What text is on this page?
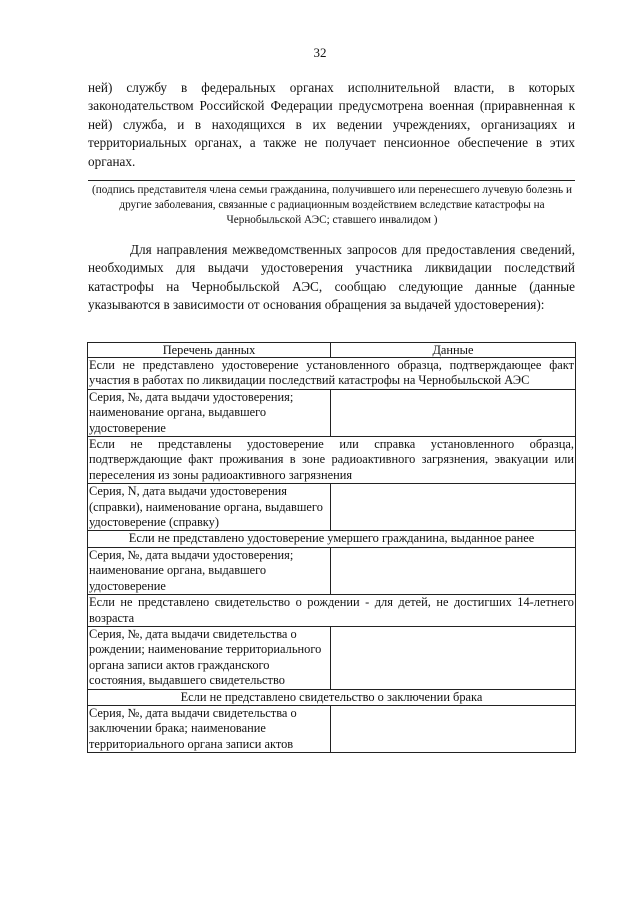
32

ней) службу в федеральных органах исполнительной власти, в которых законодательством Российской Федерации предусмотрена военная (приравненная к ней) служба, и в находящихся в их ведении учреждениях, организациях и территориальных органах, а также не получает пенсионное обеспечение в этих органах.

(подпись представителя члена семьи гражданина, получившего или перенесшего лучевую болезнь и другие заболевания, связанные с радиационным воздействием вследствие катастрофы на Чернобыльской АЭС; ставшего инвалидом )

Для направления межведомственных запросов для предоставления сведений, необходимых для выдачи удостоверения участника ликвидации последствий катастрофы на Чернобыльской АЭС, сообщаю следующие данные (данные указываются в зависимости от основания обращения за выдачей удостоверения):

Перечень данных	Данные
Если не представлено удостоверение установленного образца, подтверждающее факт участия в работах по ликвидации последствий катастрофы на Чернобыльской АЭС	
Серия, №, дата выдачи удостоверения; наименование органа, выдавшего удостоверение	
Если не представлены удостоверение или справка установленного образца, подтверждающие факт проживания в зоне радиоактивного загрязнения, эвакуации или переселения из зоны радиоактивного загрязнения	
Серия, N, дата выдачи удостоверения (справки), наименование органа, выдавшего удостоверение (справку)	
Если не представлено удостоверение умершего гражданина, выданное ранее	
Серия, №, дата выдачи удостоверения; наименование органа, выдавшего удостоверение	
Если не представлено свидетельство о рождении - для детей, не достигших 14-летнего возраста	
Серия, №, дата выдачи свидетельства о рождении; наименование территориального органа записи актов гражданского состояния, выдавшего свидетельство	
Если не представлено свидетельство о заключении брака	
Серия, №, дата выдачи свидетельства о заключении брака; наименование территориального органа записи актов	
